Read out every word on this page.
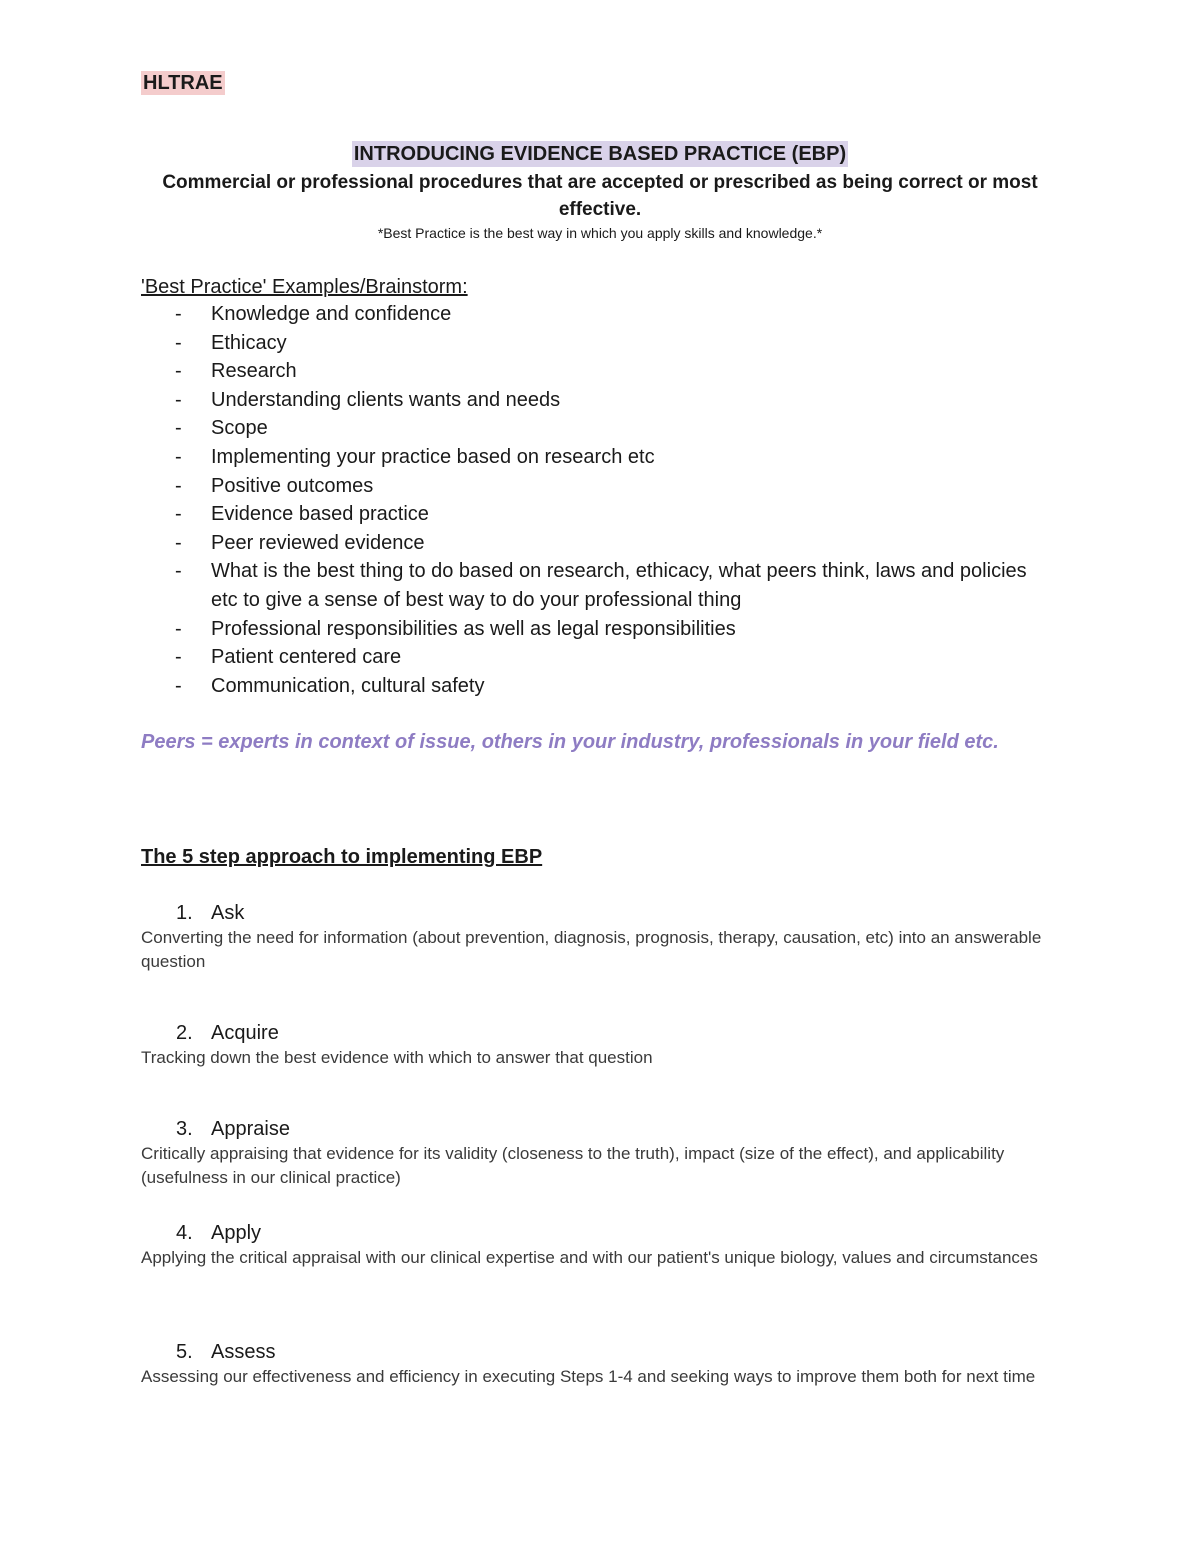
HLTRAE
INTRODUCING EVIDENCE BASED PRACTICE (EBP)
Commercial or professional procedures that are accepted or prescribed as being correct or most effective.
*Best Practice is the best way in which you apply skills and knowledge.*
'Best Practice' Examples/Brainstorm:
- Knowledge and confidence
- Ethicacy
- Research
- Understanding clients wants and needs
- Scope
- Implementing your practice based on research etc
- Positive outcomes
- Evidence based practice
- Peer reviewed evidence
- What is the best thing to do based on research, ethicacy, what peers think, laws and policies etc to give a sense of best way to do your professional thing
- Professional responsibilities as well as legal responsibilities
- Patient centered care
- Communication, cultural safety
Peers = experts in context of issue, others in your industry, professionals in your field etc.
The 5 step approach to implementing EBP
1. Ask
Converting the need for information (about prevention, diagnosis, prognosis, therapy, causation, etc) into an answerable question
2. Acquire
Tracking down the best evidence with which to answer that question
3. Appraise
Critically appraising that evidence for its validity (closeness to the truth), impact (size of the effect), and applicability (usefulness in our clinical practice)
4. Apply
Applying the critical appraisal with our clinical expertise and with our patient's unique biology, values and circumstances
5. Assess
Assessing our effectiveness and efficiency in executing Steps 1-4 and seeking ways to improve them both for next time
